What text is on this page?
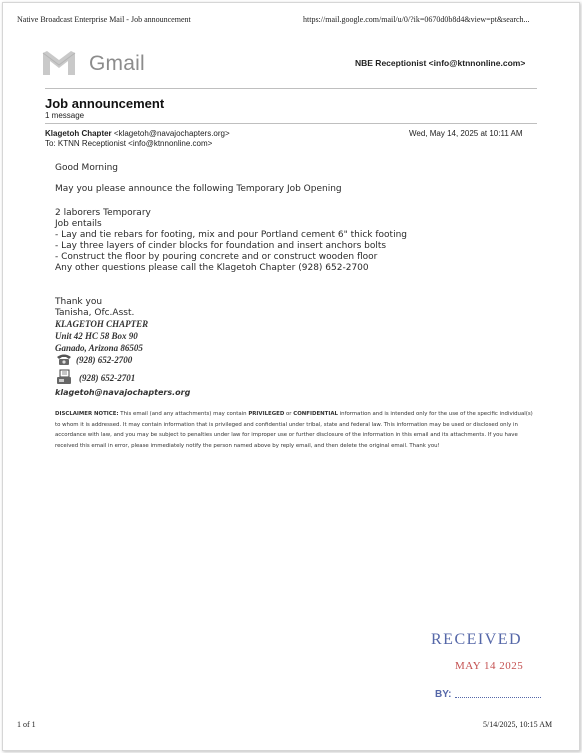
Native Broadcast Enterprise Mail - Job announcement	https://mail.google.com/mail/u/0/?ik=0670d0b8d4&view=pt&search...
Gmail	NBE Receptionist <info@ktnnonline.com>
Job announcement
1 message
Klagetoh Chapter <klagetoh@navajochapters.org>	Wed, May 14, 2025 at 10:11 AM
To: KTNN Receptionist <info@ktnnonline.com>
Good Morning
May you please announce the following Temporary Job Opening
2 laborers Temporary
Job entails
- Lay and tie rebars for footing, mix and pour Portland cement 6" thick footing
- Lay three layers of cinder blocks for foundation and insert anchors bolts
- Construct the floor by pouring concrete and or construct wooden floor
Any other questions please call the Klagetoh Chapter (928) 652-2700
Thank you
Tanisha, Ofc.Asst.
KLAGETOH CHAPTER
Unit 42 HC 58 Box 90
Ganado, Arizona 86505
(928) 652-2700
(928) 652-2701
klagetoh@navajochapters.org
DISCLAIMER NOTICE: This email (and any attachments) may contain PRIVILEGED or CONFIDENTIAL information and is intended only for the use of the specific individual(s) to whom it is addressed. It may contain information that is privileged and confidential under tribal, state and federal law. This information may be used or disclosed only in accordance with law, and you may be subject to penalties under law for improper use or further disclosure of the information in this email and its attachments. If you have received this email in error, please immediately notify the person named above by reply email, and then delete the original email. Thank you!
RECEIVED
MAY 14 2025
BY:
1 of 1	5/14/2025, 10:15 AM
